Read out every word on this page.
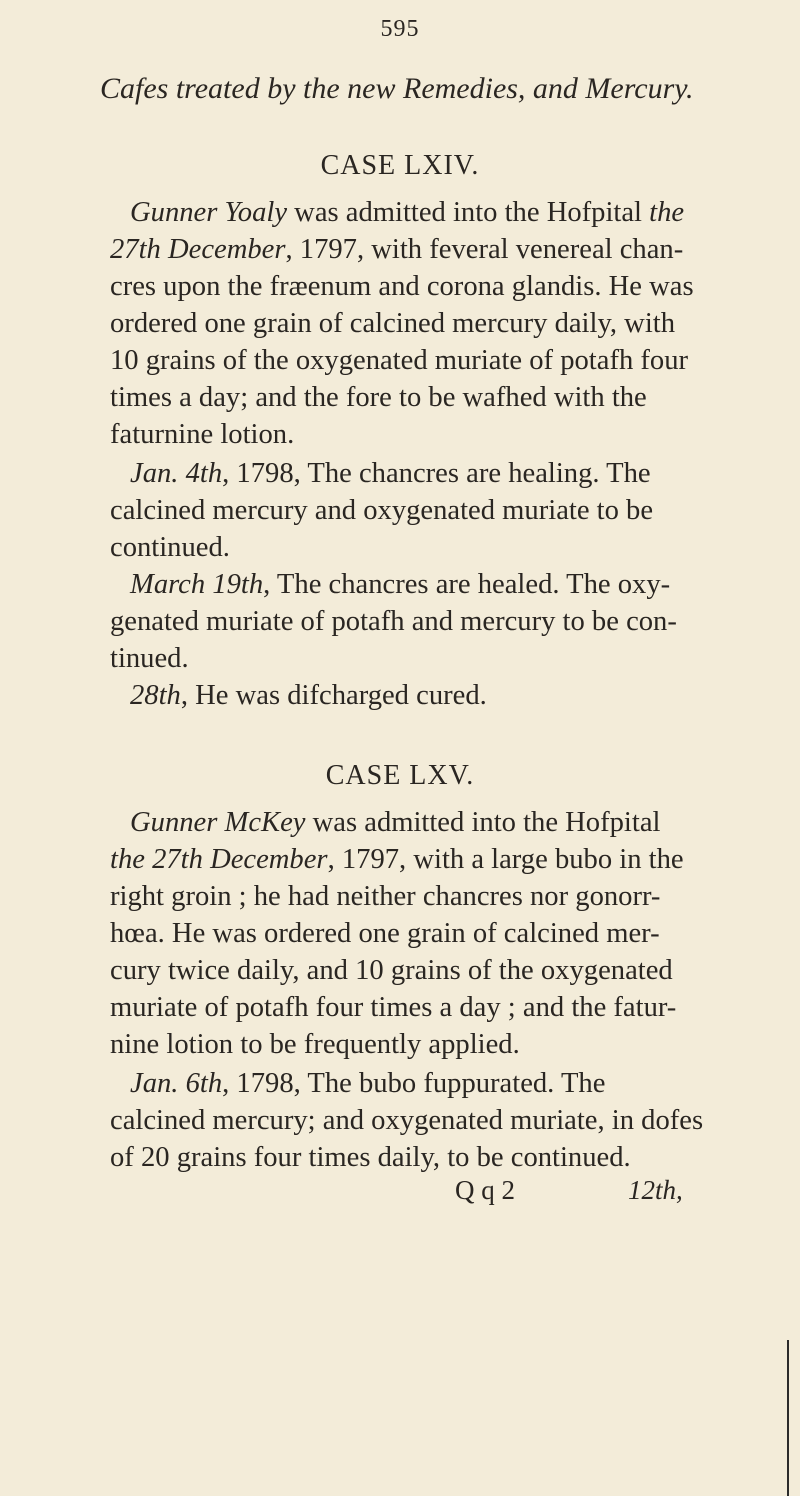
595
Cafes treated by the new Remedies, and Mercury.
CASE LXIV.
Gunner Yoaly was admitted into the Hofpital the
27th December, 1797, with feveral venereal chan-
cres upon the fræenum and corona glandis. He was
ordered one grain of calcined mercury daily, with
10 grains of the oxygenated muriate of potafh four
times a day; and the fore to be wafhed with the
faturnine lotion.
Jan. 4th, 1798, The chancres are healing. The
calcined mercury and oxygenated muriate to be
continued.
March 19th, The chancres are healed. The oxy-
genated muriate of potafh and mercury to be con-
tinued.
28th, He was difcharged cured.
CASE LXV.
Gunner McKey was admitted into the Hofpital
the 27th December, 1797, with a large bubo in the
right groin ; he had neither chancres nor gonorr-
hœa. He was ordered one grain of calcined mer-
cury twice daily, and 10 grains of the oxygenated
muriate of potafh four times a day ; and the fatur-
nine lotion to be frequently applied.
Jan. 6th, 1798, The bubo fuppurated. The
calcined mercury; and oxygenated muriate, in dofes
of 20 grains four times daily, to be continued.
Q q 2	12th,
